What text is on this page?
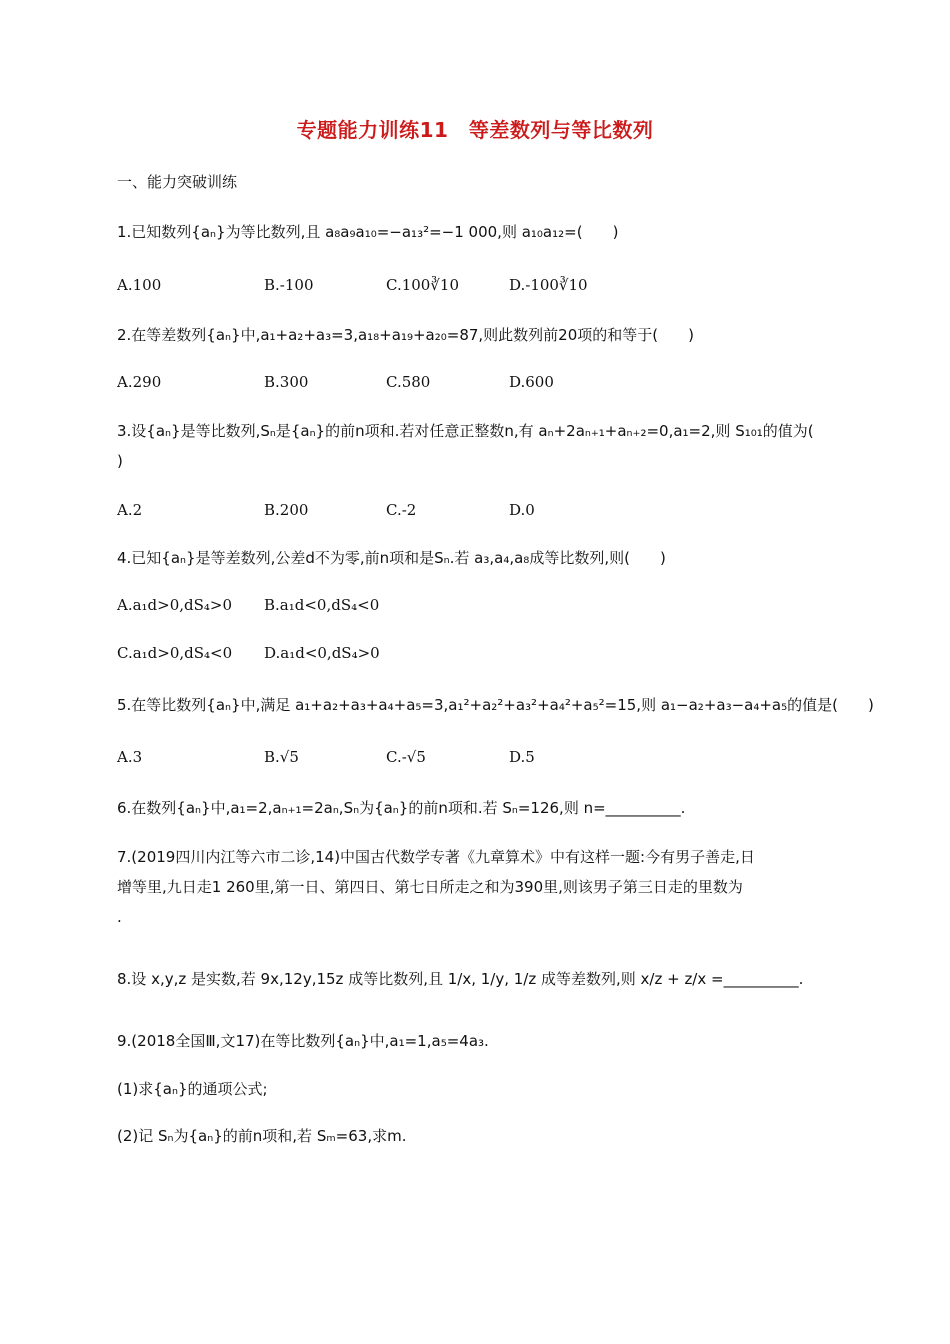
专题能力训练11　等差数列与等比数列
一、能力突破训练
1.已知数列{aₙ}为等比数列,且 a₈a₉a₁₀=−a₁₃²=−1 000,则 a₁₀a₁₂=(　　)
A.100	B.-100	C.100∛10	D.-100∛10
2.在等差数列{aₙ}中,a₁+a₂+a₃=3,a₁₈+a₁₉+a₂₀=87,则此数列前20项的和等于(　　)
A.290	B.300	C.580	D.600
3.设{aₙ}是等比数列,Sₙ是{aₙ}的前n项和.若对任意正整数n,有 aₙ+2aₙ₊₁+aₙ₊₂=0,a₁=2,则 S₁₀₁的值为(
)
A.2	B.200	C.-2	D.0
4.已知{aₙ}是等差数列,公差d不为零,前n项和是Sₙ.若 a₃,a₄,a₈成等比数列,则(　　)
A.a₁d>0,dS₄>0 B.a₁d<0,dS₄<0
C.a₁d>0,dS₄<0 D.a₁d<0,dS₄>0
5.在等比数列{aₙ}中,满足 a₁+a₂+a₃+a₄+a₅=3,a₁²+a₂²+a₃²+a₄²+a₅²=15,则 a₁−a₂+a₃−a₄+a₅的值是(　　)
A.3	B.√5	C.-√5	D.5
6.在数列{aₙ}中,a₁=2,aₙ₊₁=2aₙ,Sₙ为{aₙ}的前n项和.若 Sₙ=126,则 n=__________.
7.(2019四川内江等六市二诊,14)中国古代数学专著《九章算术》中有这样一题:今有男子善走,日
增等里,九日走1 260里,第一日、第四日、第七日所走之和为390里,则该男子第三日走的里数为
.
8.设 x,y,z 是实数,若 9x,12y,15z 成等比数列,且 1/x, 1/y, 1/z 成等差数列,则 x/z + z/x =__________.
9.(2018全国Ⅲ,文17)在等比数列{aₙ}中,a₁=1,a₅=4a₃.
(1)求{aₙ}的通项公式;
(2)记 Sₙ为{aₙ}的前n项和,若 Sₘ=63,求m.
